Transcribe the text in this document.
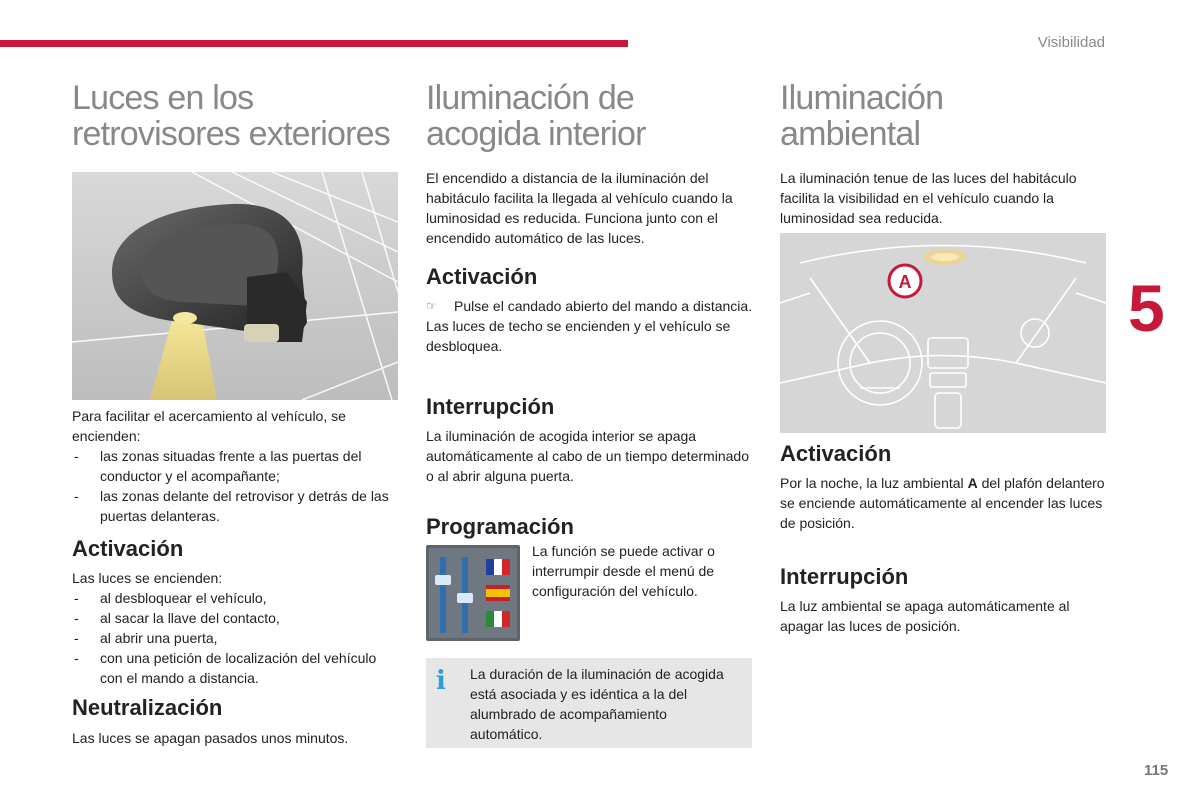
Visibilidad
5
115
Luces en los
retrovisores exteriores

Para facilitar el acercamiento al vehículo, se encienden:

- las zonas situadas frente a las puertas del conductor y el acompañante;
- las zonas delante del retrovisor y detrás de las puertas delanteras.
Activación

Las luces se encienden:

- al desbloquear el vehículo,
- al sacar la llave del contacto,
- al abrir una puerta,
- con una petición de localización del vehículo con el mando a distancia.
Neutralización

Las luces se apagan pasados unos minutos.

Iluminación de
acogida interior

El encendido a distancia de la iluminación del habitáculo facilita la llegada al vehículo cuando la luminosidad es reducida. Funciona junto con el encendido automático de las luces.

Activación
☞ Pulse el candado abierto del mando a distancia.

Las luces de techo se encienden y el vehículo se desbloquea.

Interrupción

La iluminación de acogida interior se apaga automáticamente al cabo de un tiempo determinado o al abrir alguna puerta.

Programación

La función se puede activar o interrumpir desde el menú de configuración del vehículo.

i La duración de la iluminación de acogida está asociada y es idéntica a la del alumbrado de acompañamiento automático.

Iluminación
ambiental

La iluminación tenue de las luces del habitáculo facilita la visibilidad en el vehículo cuando la luminosidad sea reducida.

A
Activación

Por la noche, la luz ambiental A del plafón delantero se enciende automáticamente al encender las luces de posición.

Interrupción

La luz ambiental se apaga automáticamente al apagar las luces de posición.
